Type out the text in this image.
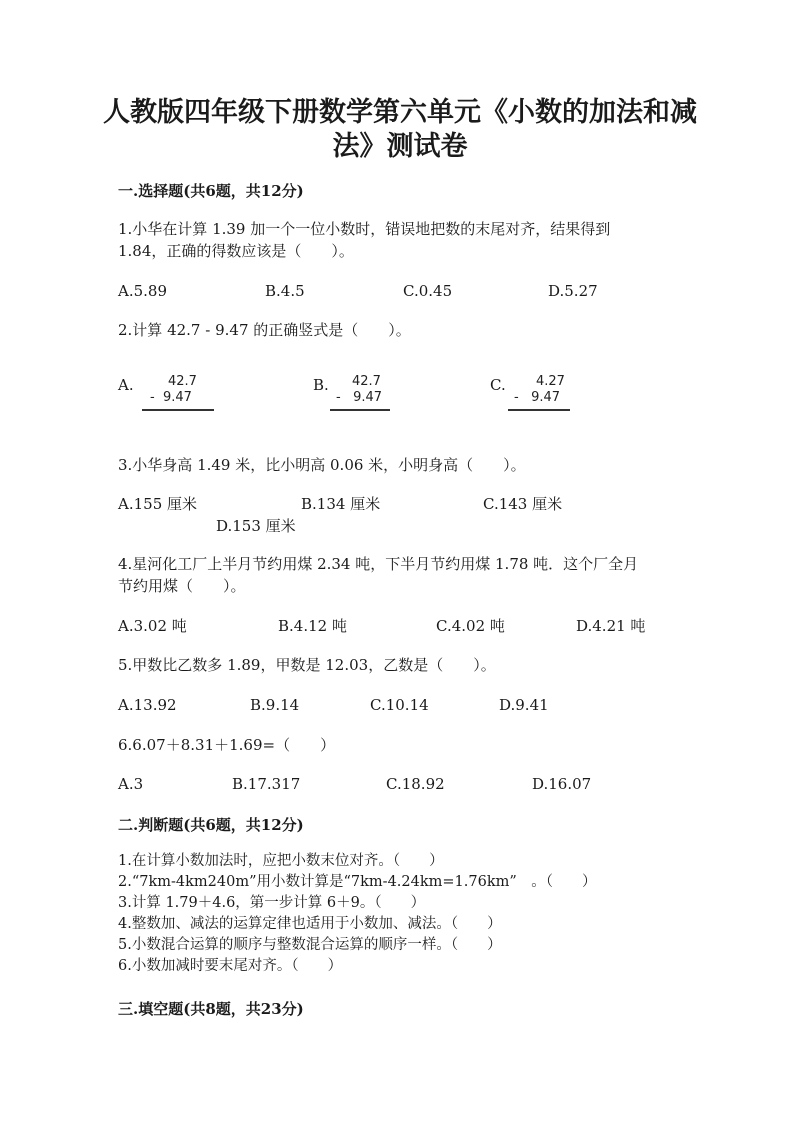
人教版四年级下册数学第六单元《小数的加法和减
法》测试卷
一.选择题(共6题，共12分)
1.小华在计算 1.39 加一个一位小数时，错误地把数的末尾对齐，结果得到
1.84，正确的得数应该是（　　）。
A.5.89	B.4.5	C.0.45	D.5.27
2.计算 42.7 - 9.47 的正确竖式是（　　）。
A.	42.7
-  9.47
B. 42.7
-   9.47
C. 4.27
-   9.47
3.小华身高 1.49 米，比小明高 0.06 米，小明身高（　　）。
A.155 厘米	B.134 厘米	C.143 厘米
D.153 厘米
4.星河化工厂上半月节约用煤 2.34 吨，下半月节约用煤 1.78 吨．这个厂全月
节约用煤（　　）。
A.3.02 吨	B.4.12 吨	C.4.02 吨	D.4.21 吨
5.甲数比乙数多 1.89，甲数是 12.03，乙数是（　　）。
A.13.92	B.9.14	C.10.14	D.9.41
6.6.07＋8.31＋1.69=（　　）
A.3	B.17.317	C.18.92	D.16.07
二.判断题(共6题，共12分)
1.在计算小数加法时，应把小数末位对齐。（　　）
2.“7km-4km240m”用小数计算是“7km-4.24km=1.76km”　。（　　）
3.计算 1.79＋4.6，第一步计算 6＋9。（　　）
4.整数加、减法的运算定律也适用于小数加、减法。（　　）
5.小数混合运算的顺序与整数混合运算的顺序一样。（　　）
6.小数加减时要末尾对齐。（　　）
三.填空题(共8题，共23分)
